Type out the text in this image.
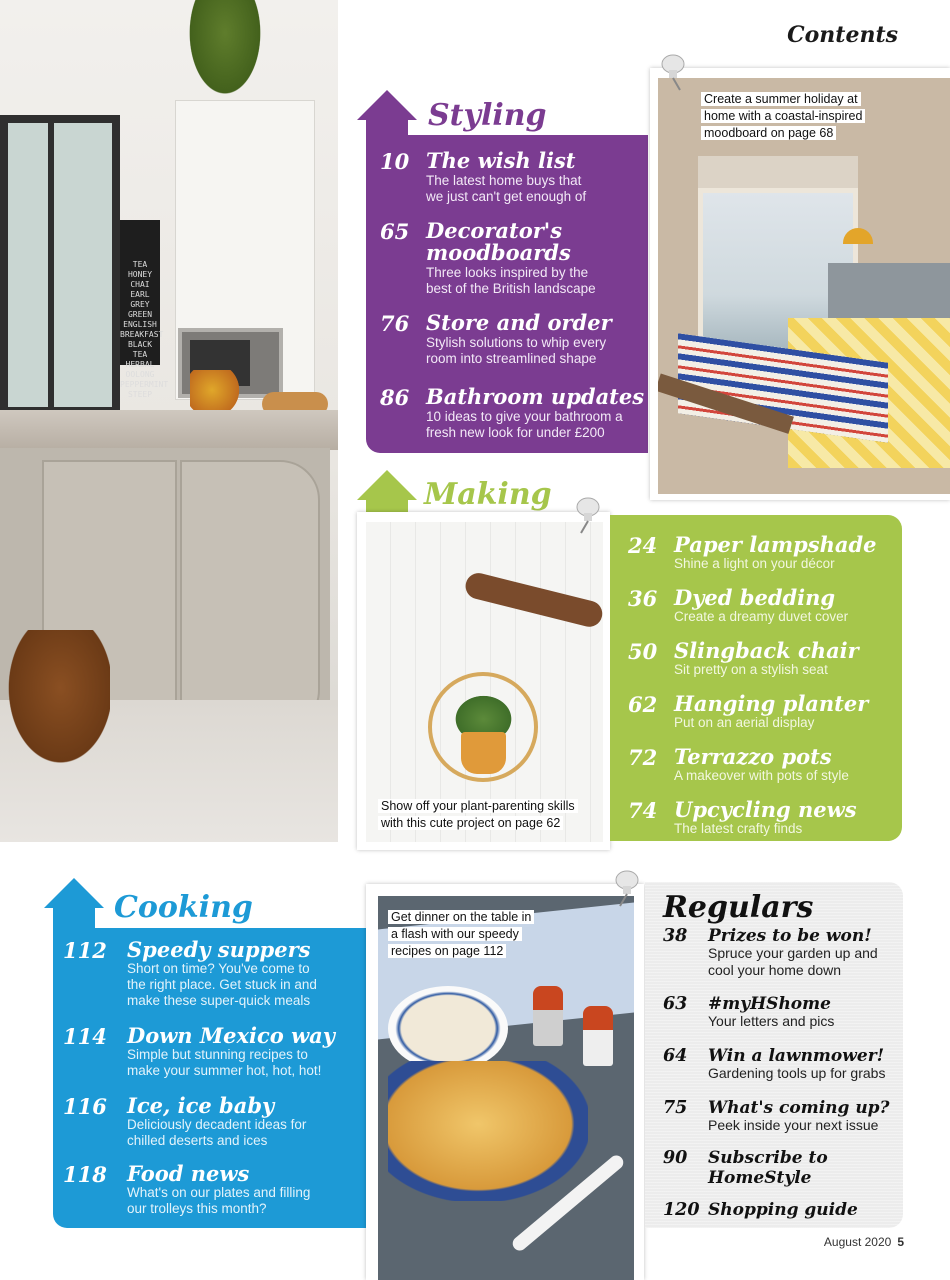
TEA HONEY CHAI EARL GREY GREEN ENGLISH BREAKFAST BLACK TEA HERBAL OOLONG PEPPERMINT STEEP
Contents
Styling
10 The wish list
The latest home buys that
we just can't get enough of
65 Decorator's
moodboards
Three looks inspired by the
best of the British landscape
76 Store and order
Stylish solutions to whip every
room into streamlined shape
86 Bathroom updates
10 ideas to give your bathroom a
fresh new look for under £200
Create a summer holiday at
home with a coastal-inspired
moodboard on page 68
Making
Show off your plant-parenting skills
with this cute project on page 62
24 Paper lampshade
Shine a light on your décor
36 Dyed bedding
Create a dreamy duvet cover
50 Slingback chair
Sit pretty on a stylish seat
62 Hanging planter
Put on an aerial display
72 Terrazzo pots
A makeover with pots of style
74 Upcycling news
The latest crafty finds
Cooking
112 Speedy suppers
Short on time? You've come to
the right place. Get stuck in and
make these super-quick meals
114 Down Mexico way
Simple but stunning recipes to
make your summer hot, hot, hot!
116 Ice, ice baby
Deliciously decadent ideas for
chilled deserts and ices
118 Food news
What's on our plates and filling
our trolleys this month?
Get dinner on the table in
a flash with our speedy
recipes on page 112
Regulars
38 Prizes to be won!
Spruce your garden up and
cool your home down
63 #myHShome
Your letters and pics
64 Win a lawnmower!
Gardening tools up for grabs
75 What's coming up?
Peek inside your next issue
90 Subscribe to
HomeStyle
120 Shopping guide
August 2020 5
